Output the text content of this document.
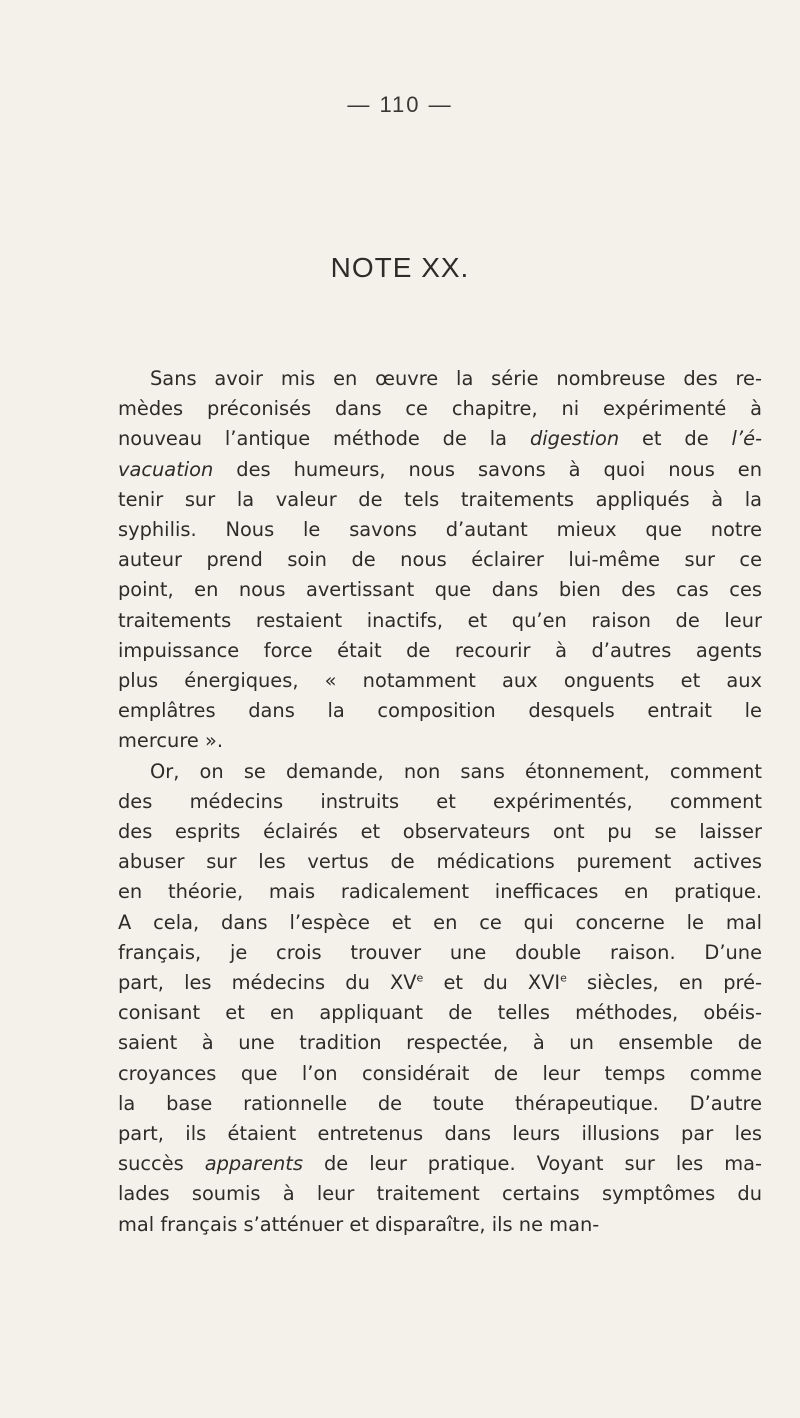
— 110 —
NOTE XX.
Sans avoir mis en œuvre la série nombreuse des re-
mèdes préconisés dans ce chapitre, ni expérimenté à
nouveau l’antique méthode de la digestion et de l’é-
vacuation des humeurs, nous savons à quoi nous en
tenir sur la valeur de tels traitements appliqués à la
syphilis. Nous le savons d’autant mieux que notre
auteur prend soin de nous éclairer lui-même sur ce
point, en nous avertissant que dans bien des cas ces
traitements restaient inactifs, et qu’en raison de leur
impuissance force était de recourir à d’autres agents
plus énergiques, « notamment aux onguents et aux
emplâtres dans la composition desquels entrait le
mercure ».
Or, on se demande, non sans étonnement, comment
des médecins instruits et expérimentés, comment
des esprits éclairés et observateurs ont pu se laisser
abuser sur les vertus de médications purement actives
en théorie, mais radicalement inefficaces en pratique.
A cela, dans l’espèce et en ce qui concerne le mal
français, je crois trouver une double raison. D’une
part, les médecins du XVe et du XVIe siècles, en pré-
conisant et en appliquant de telles méthodes, obéis-
saient à une tradition respectée, à un ensemble de
croyances que l’on considérait de leur temps comme
la base rationnelle de toute thérapeutique. D’autre
part, ils étaient entretenus dans leurs illusions par les
succès apparents de leur pratique. Voyant sur les ma-
lades soumis à leur traitement certains symptômes du
mal français s’atténuer et disparaître, ils ne man-
